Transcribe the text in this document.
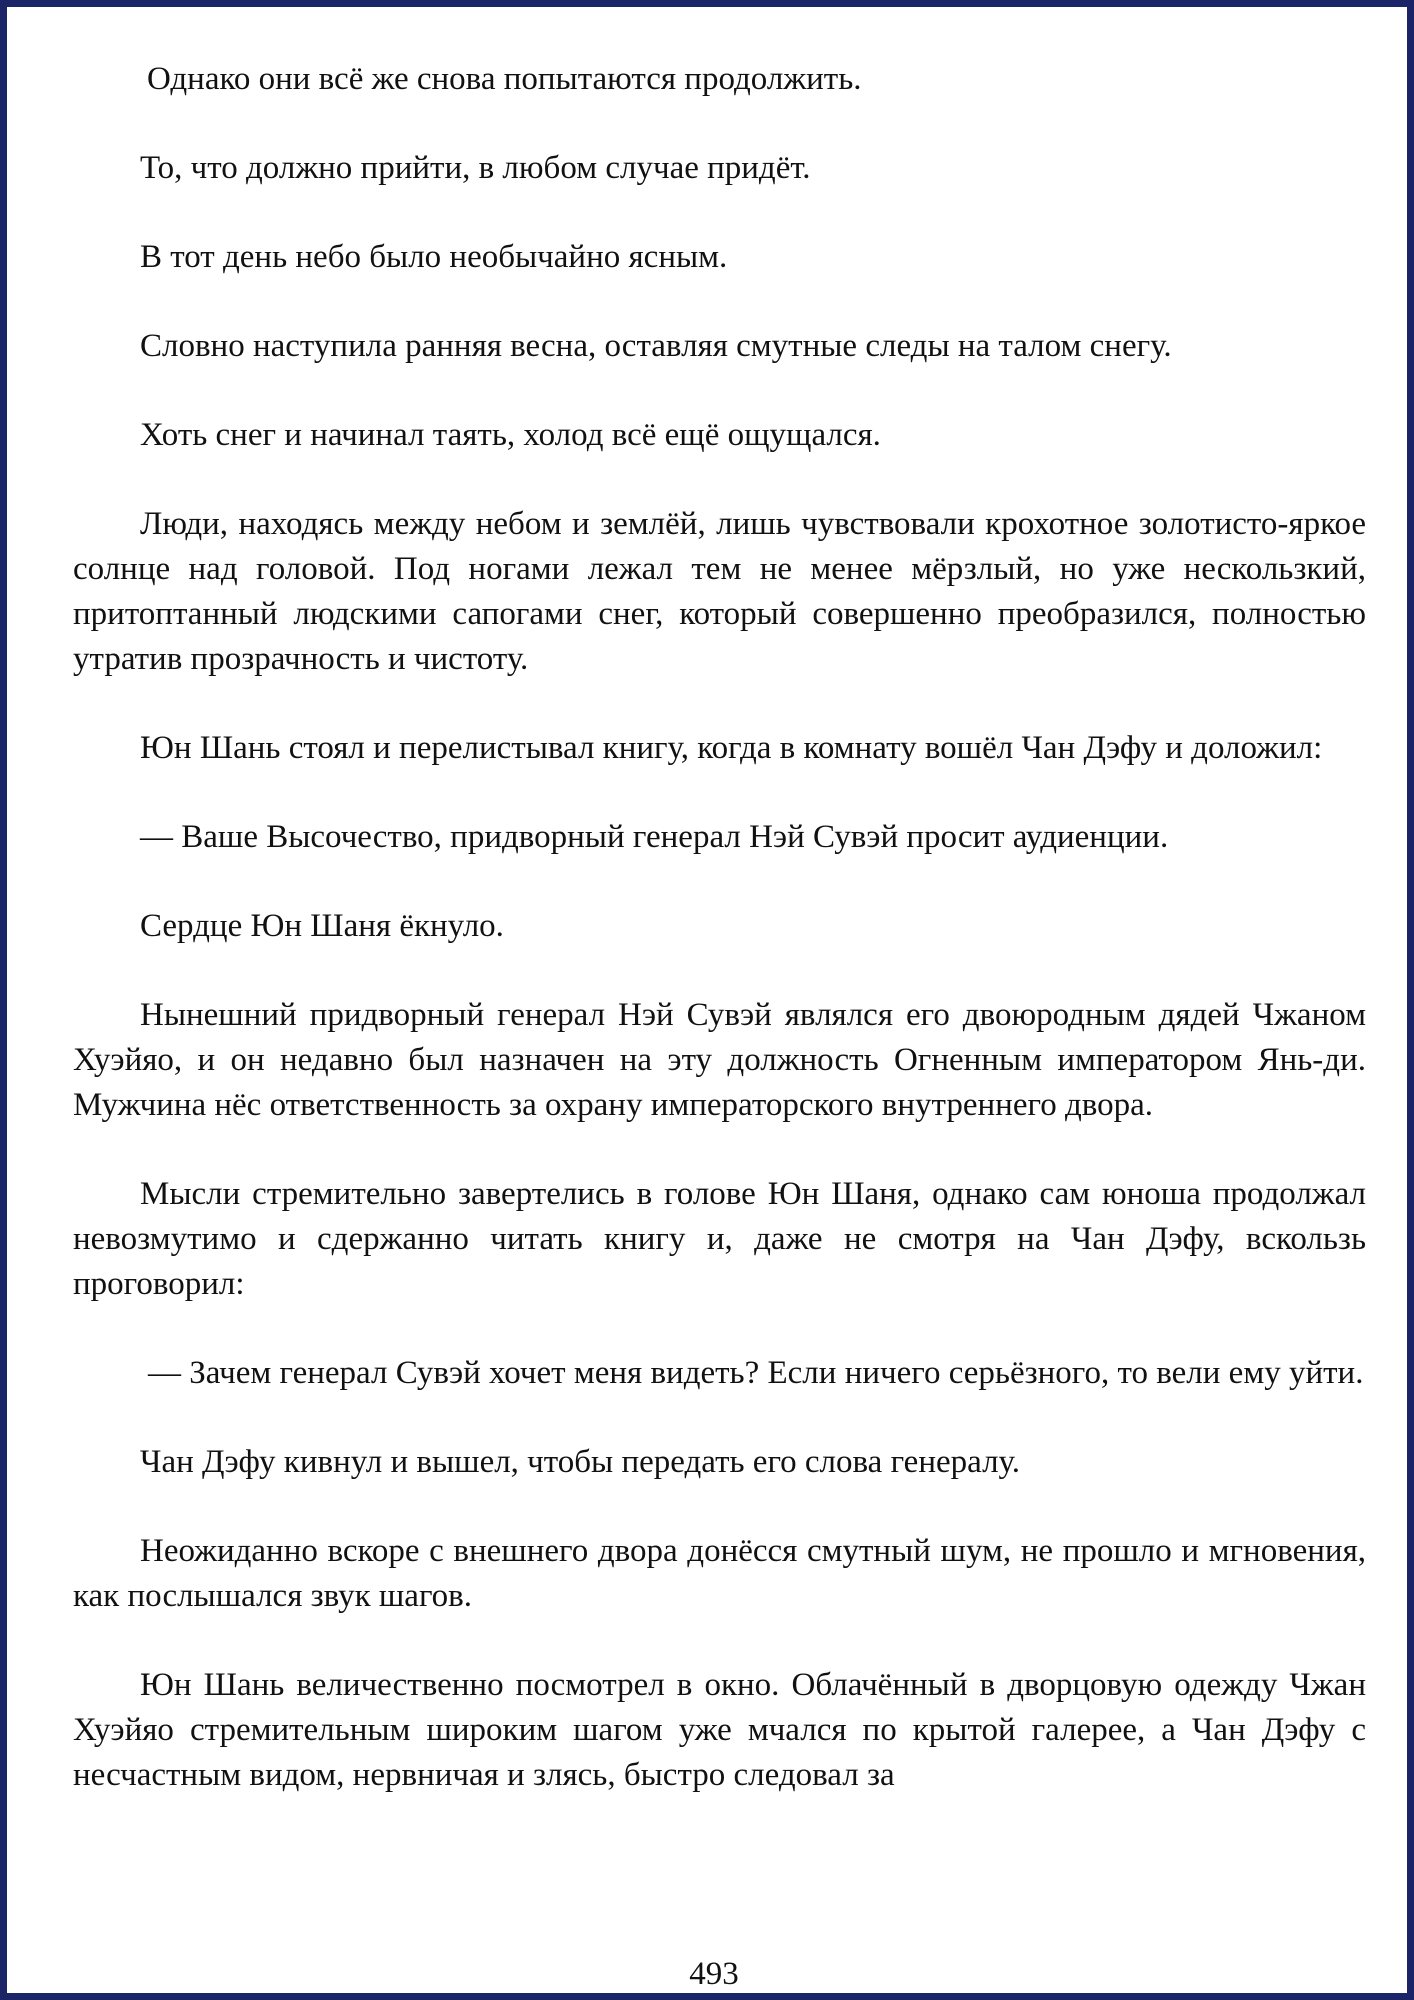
Однако они всё же снова попытаются продолжить.

То, что должно прийти, в любом случае придёт.

В тот день небо было необычайно ясным.

Словно наступила ранняя весна, оставляя смутные следы на талом снегу.

Хоть снег и начинал таять, холод всё ещё ощущался.

Люди, находясь между небом и землёй, лишь чувствовали крохотное золотисто-яркое солнце над головой. Под ногами лежал тем не менее мёрзлый, но уже нескользкий, притоптанный людскими сапогами снег, который совершенно преобразился, полностью утратив прозрачность и чистоту.

Юн Шань стоял и перелистывал книгу, когда в комнату вошёл Чан Дэфу и доложил:

— Ваше Высочество, придворный генерал Нэй Сувэй просит аудиенции.

Сердце Юн Шаня ёкнуло.

Нынешний придворный генерал Нэй Сувэй являлся его двоюродным дядей Чжаном Хуэйяо, и он недавно был назначен на эту должность Огненным императором Янь-ди. Мужчина нёс ответственность за охрану императорского внутреннего двора.

Мысли стремительно завертелись в голове Юн Шаня, однако сам юноша продолжал невозмутимо и сдержанно читать книгу и, даже не смотря на Чан Дэфу, вскользь проговорил:

— Зачем генерал Сувэй хочет меня видеть? Если ничего серьёзного, то вели ему уйти.

Чан Дэфу кивнул и вышел, чтобы передать его слова генералу.

Неожиданно вскоре с внешнего двора донёсся смутный шум, не прошло и мгновения, как послышался звук шагов.

Юн Шань величественно посмотрел в окно. Облачённый в дворцовую одежду Чжан Хуэйяо стремительным широким шагом уже мчался по крытой галерее, а Чан Дэфу с несчастным видом, нервничая и злясь, быстро следовал за

493
